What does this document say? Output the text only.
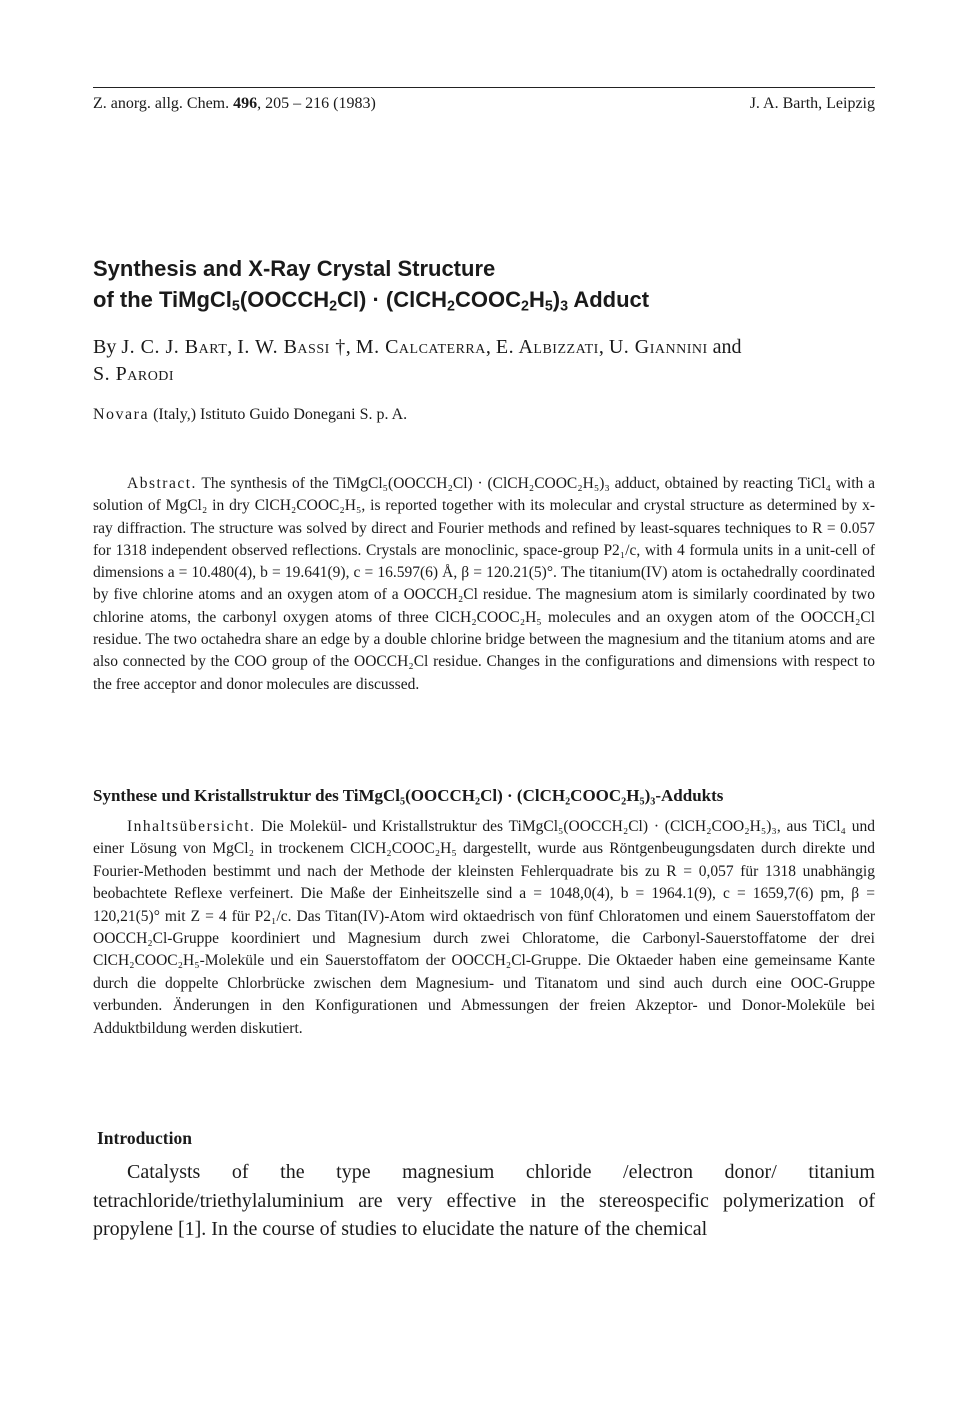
Z. anorg. allg. Chem. 496, 205 – 216 (1983)	J. A. Barth, Leipzig
Synthesis and X-Ray Crystal Structure
of the $TiMgCl_5(OOCCH_2Cl)$ · $(ClCH_2COOC_2H_5)_3$ Adduct
By J. C. J. Bart, I. W. Bassi †, M. Calcaterra, E. Albizzati, U. Giannini and
S. Parodi
Novara (Italy,) Istituto Guido Donegani S. p. A.

Abstract. The synthesis of the TiMgCl₅(OOCCH₂Cl) · (ClCH₂COOC₂H₅)₃ adduct, obtained by reacting TiCl₄ with a solution of MgCl₂ in dry ClCH₂COOC₂H₅, is reported together with its molecular and crystal structure as determined by x-ray diffraction. The structure was solved by direct and Fourier methods and refined by least-squares techniques to R = 0.057 for 1318 independent observed reflections. Crystals are monoclinic, space-group P2₁/c, with 4 formula units in a unit-cell of dimensions a = 10.480(4), b = 19.641(9), c = 16.597(6) Å, β = 120.21(5)°. The titanium(IV) atom is octahedrally coordinated by five chlorine atoms and an oxygen atom of a OOCCH₂Cl residue. The magnesium atom is similarly coordinated by two chlorine atoms, the carbonyl oxygen atoms of three ClCH₂COOC₂H₅ molecules and an oxygen atom of the OOCCH₂Cl residue. The two octahedra share an edge by a double chlorine bridge between the magnesium and the titanium atoms and are also connected by the COO group of the OOCCH₂Cl residue. Changes in the configurations and dimensions with respect to the free acceptor and donor molecules are discussed.

Synthese und Kristallstruktur des TiMgCl₅(OOCCH₂Cl) · (ClCH₂COOC₂H₅)₃-Addukts

Inhaltsübersicht. Die Molekül- und Kristallstruktur des TiMgCl₅(OOCCH₂Cl) · (ClCH₂COO₂H₅)₃, aus TiCl₄ und einer Lösung von MgCl₂ in trockenem ClCH₂COOC₂H₅ dargestellt, wurde aus Röntgenbeugungsdaten durch direkte und Fourier-Methoden bestimmt und nach der Methode der kleinsten Fehlerquadrate bis zu R = 0,057 für 1318 unabhängig beobachtete Reflexe verfeinert. Die Maße der Einheitszelle sind a = 1048,0(4), b = 1964.1(9), c = 1659,7(6) pm, β = 120,21(5)° mit Z = 4 für P2₁/c. Das Titan(IV)-Atom wird oktaedrisch von fünf Chloratomen und einem Sauerstoffatom der OOCCH₂Cl-Gruppe koordiniert und Magnesium durch zwei Chloratome, die Carbonyl-Sauerstoffatome der drei ClCH₂COOC₂H₅-Moleküle und ein Sauerstoffatom der OOCCH₂Cl-Gruppe. Die Oktaeder haben eine gemeinsame Kante durch die doppelte Chlorbrücke zwischen dem Magnesium- und Titanatom und sind auch durch eine OOC-Gruppe verbunden. Änderungen in den Konfigurationen und Abmessungen der freien Akzeptor- und Donor-Moleküle bei Adduktbildung werden diskutiert.

Introduction

Catalysts of the type magnesium chloride /electron donor/ titanium tetrachloride/triethylaluminium are very effective in the stereospecific polymerization of propylene [1]. In the course of studies to elucidate the nature of the chemical
